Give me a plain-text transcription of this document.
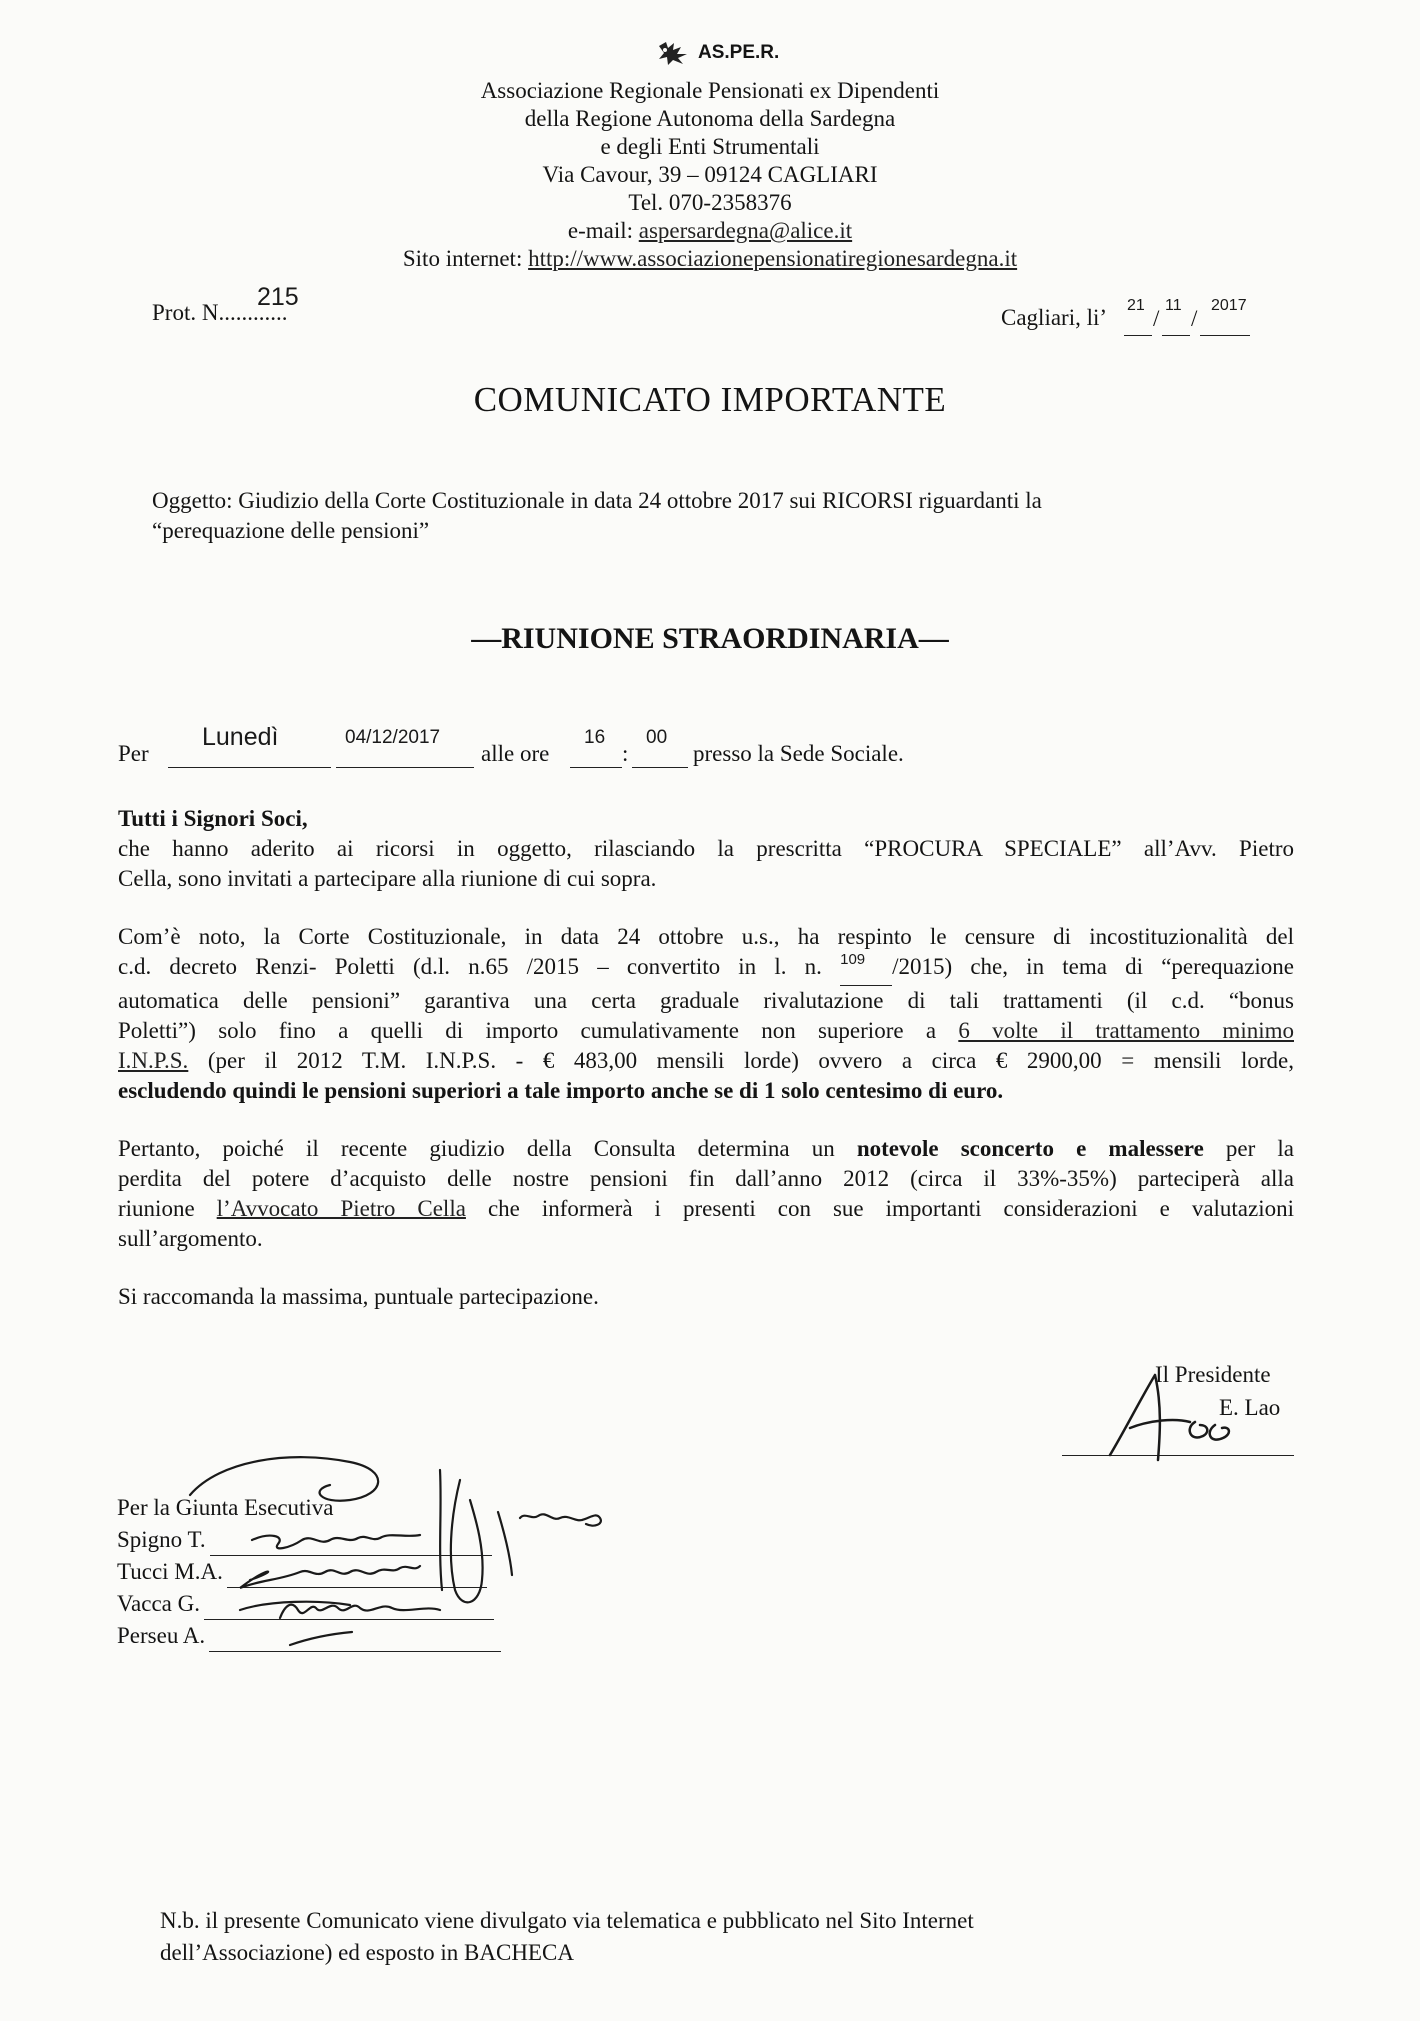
AS.PE.R.
Associazione Regionale Pensionati ex Dipendenti
della Regione Autonoma della Sardegna
e degli Enti Strumentali
Via Cavour, 39 – 09124 CAGLIARI
Tel. 070-2358376
e-mail: aspersardegna@alice.it
Sito internet: http://www.associazionepensionatiregionesardegna.it
Prot. N............
215
Cagliari, li’ 21
/
11
/
2017
COMUNICATO IMPORTANTE

Oggetto: Giudizio della Corte Costituzionale in data 24 ottobre 2017 sui RICORSI riguardanti la

“perequazione delle pensioni”

—RIUNIONE STRAORDINARIA—
Per
Lunedì	04/12/2017
alle ore
16
:
00
presso la Sede Sociale.

Tutti i Signori Soci,

che hanno aderito ai ricorsi in oggetto, rilasciando la prescritta “PROCURA SPECIALE” all’Avv. Pietro

Cella, sono invitati a partecipare alla riunione di cui sopra.

Com’è noto, la Corte Costituzionale, in data 24 ottobre u.s., ha respinto le censure di incostituzionalità del

c.d. decreto Renzi- Poletti (d.l. n.65 /2015 – convertito in l. n. $^{109}$ /2015) che, in tema di “perequazione

automatica delle pensioni” garantiva una certa graduale rivalutazione di tali trattamenti (il c.d. “bonus

Poletti”) solo fino a quelli di importo cumulativamente non superiore a 6 volte il trattamento minimo

I.N.P.S. (per il 2012 T.M. I.N.P.S. - € 483,00 mensili lorde) ovvero a circa € 2900,00 = mensili lorde,

escludendo quindi le pensioni superiori a tale importo anche se di 1 solo centesimo di euro.

Pertanto, poiché il recente giudizio della Consulta determina un notevole sconcerto e malessere per la

perdita del potere d’acquisto delle nostre pensioni fin dall’anno 2012 (circa il 33%-35%) parteciperà alla

riunione l’Avvocato Pietro Cella che informerà i presenti con sue importanti considerazioni e valutazioni

sull’argomento.

Si raccomanda la massima, puntuale partecipazione.

Il Presidente
E. Lao
Per la Giunta Esecutiva
Spigno T.
Tucci M.A.
Vacca G.
Perseu A.
N.b. il presente Comunicato viene divulgato via telematica e pubblicato nel Sito Internet
dell’Associazione) ed esposto in BACHECA
